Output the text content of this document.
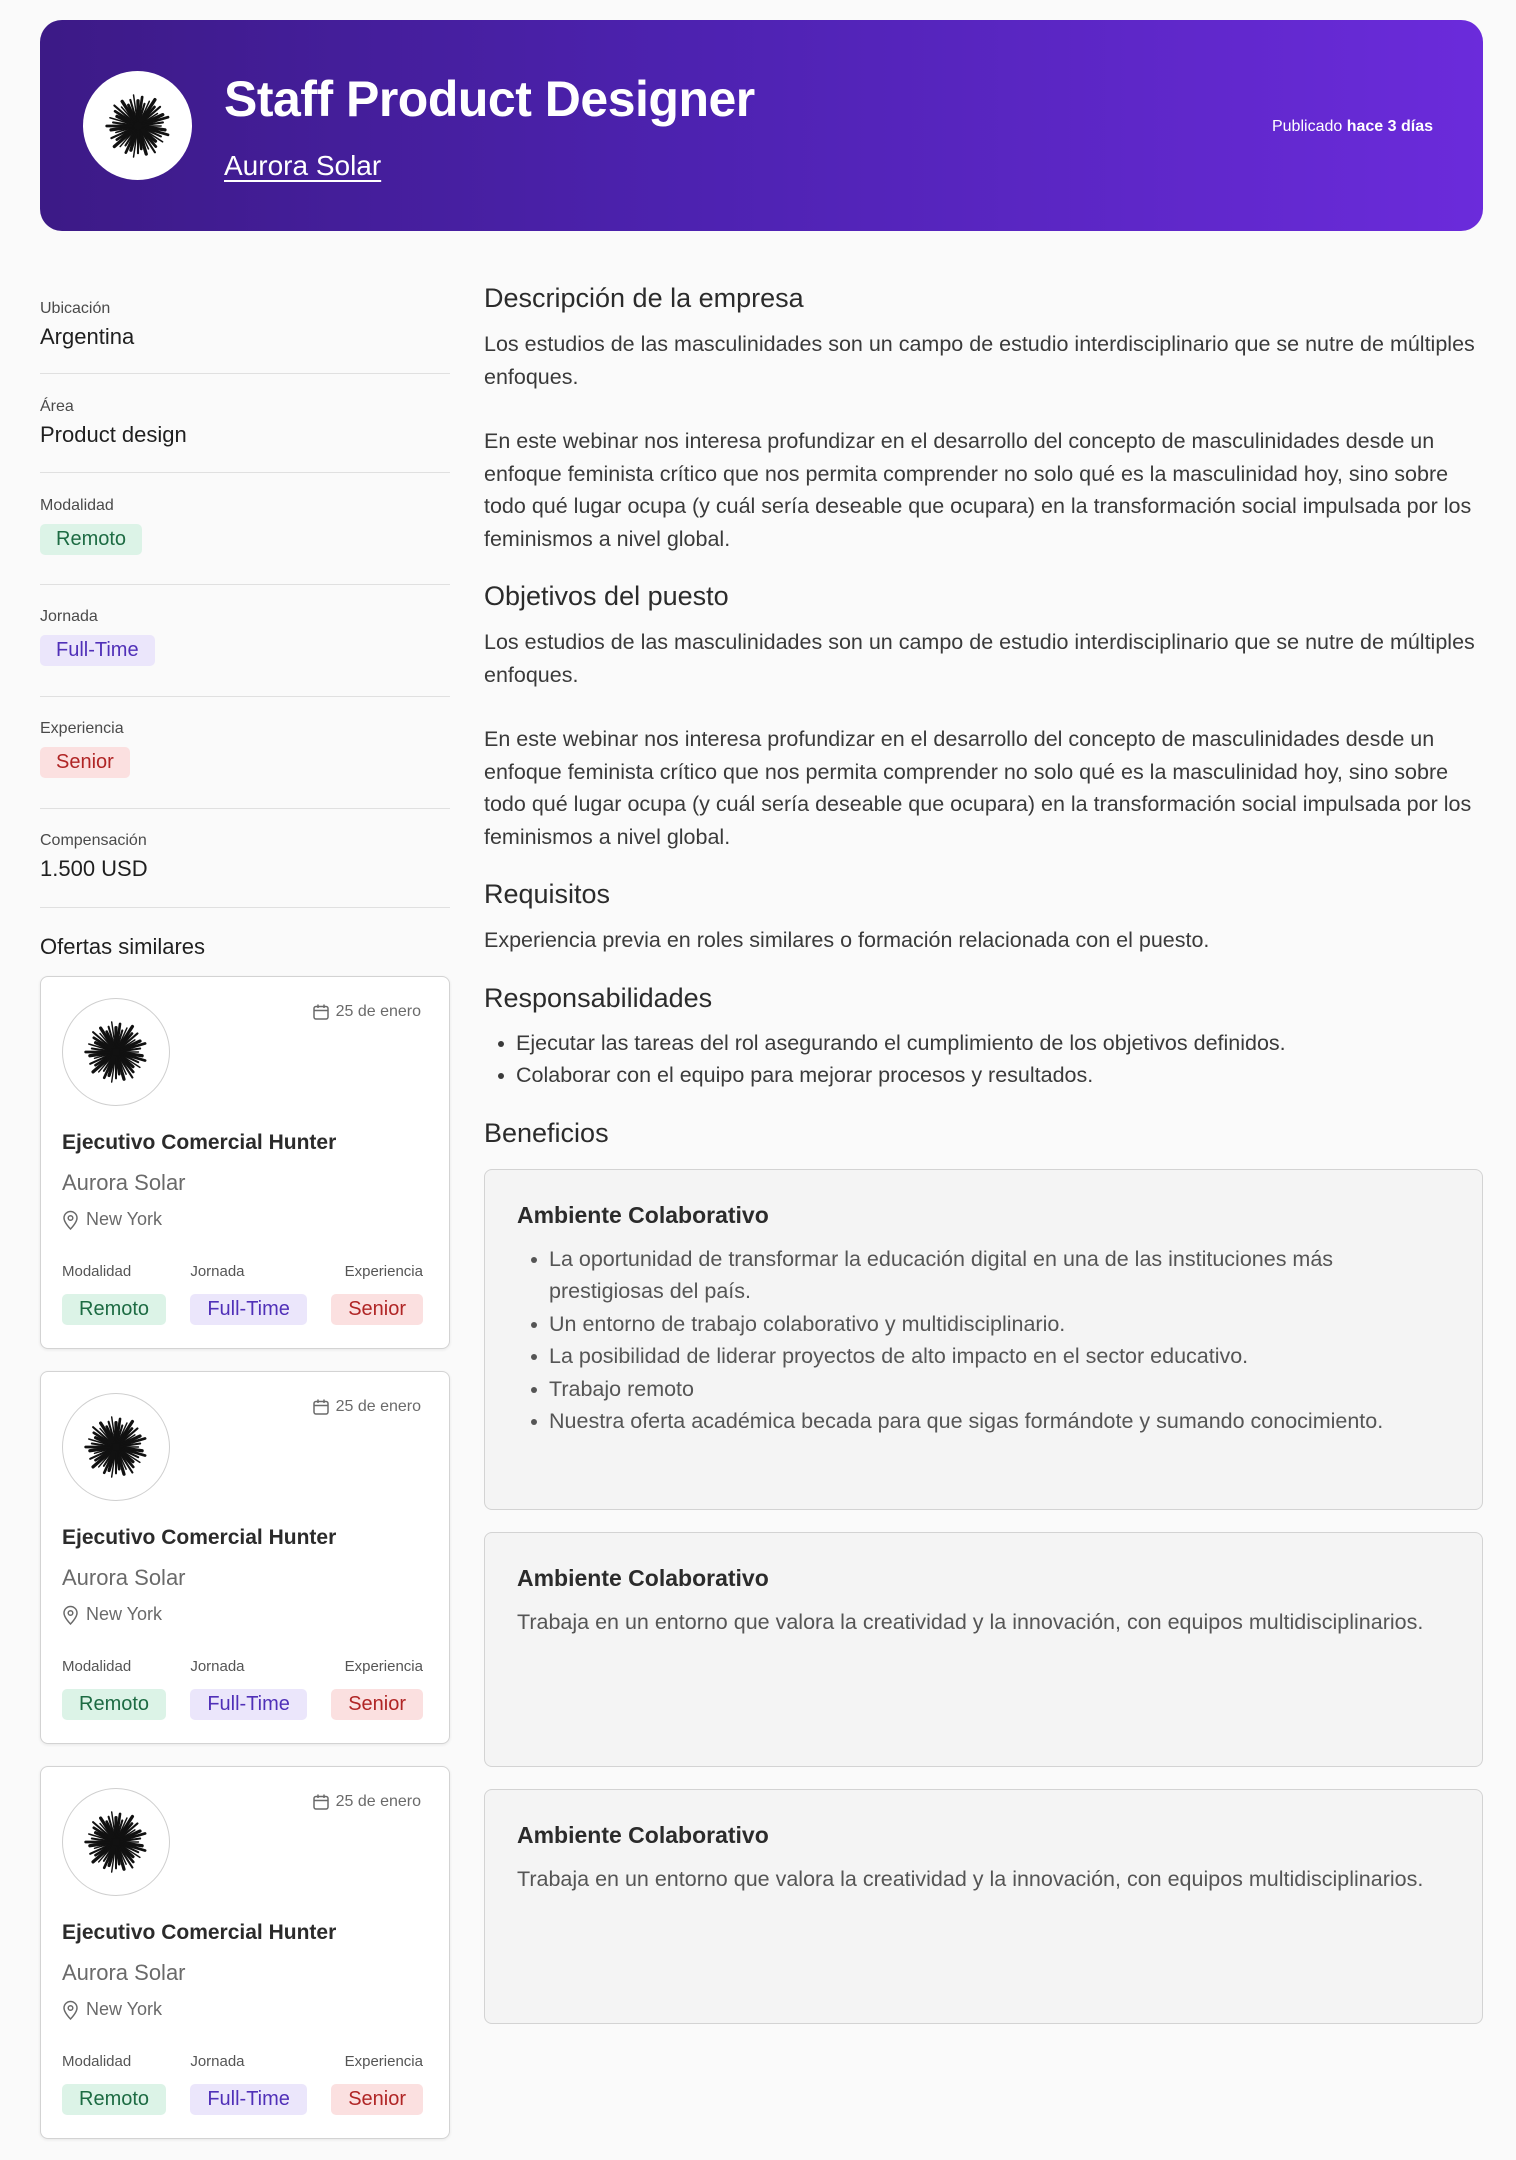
Staff Product Designer
Aurora Solar
Publicado hace 3 días
Ubicación
Argentina
Área
Product design
Modalidad
Remoto
Jornada
Full-Time
Experiencia
Senior
Compensación
1.500 USD
Ofertas similares
25 de enero
Ejecutivo Comercial Hunter
Aurora Solar
New York
Modalidad
Remoto
Jornada
Full-Time
Experiencia
Senior
25 de enero
Ejecutivo Comercial Hunter
Aurora Solar
New York
Modalidad
Remoto
Jornada
Full-Time
Experiencia
Senior
25 de enero
Ejecutivo Comercial Hunter
Aurora Solar
New York
Modalidad
Remoto
Jornada
Full-Time
Experiencia
Senior
Descripción de la empresa

Los estudios de las masculinidades son un campo de estudio interdisciplinario que se nutre de múltiples enfoques.

En este webinar nos interesa profundizar en el desarrollo del concepto de masculinidades desde un enfoque feminista crítico que nos permita comprender no solo qué es la masculinidad hoy, sino sobre todo qué lugar ocupa (y cuál sería deseable que ocupara) en la transformación social impulsada por los feminismos a nivel global.

Objetivos del puesto

Los estudios de las masculinidades son un campo de estudio interdisciplinario que se nutre de múltiples enfoques.

En este webinar nos interesa profundizar en el desarrollo del concepto de masculinidades desde un enfoque feminista crítico que nos permita comprender no solo qué es la masculinidad hoy, sino sobre todo qué lugar ocupa (y cuál sería deseable que ocupara) en la transformación social impulsada por los feminismos a nivel global.

Requisitos

Experiencia previa en roles similares o formación relacionada con el puesto.

Responsabilidades
Ejecutar las tareas del rol asegurando el cumplimiento de los objetivos definidos.
Colaborar con el equipo para mejorar procesos y resultados.
Beneficios
Ambiente Colaborativo
La oportunidad de transformar la educación digital en una de las instituciones más prestigiosas del país.
Un entorno de trabajo colaborativo y multidisciplinario.
La posibilidad de liderar proyectos de alto impacto en el sector educativo.
Trabajo remoto
Nuestra oferta académica becada para que sigas formándote y sumando conocimiento.
Ambiente Colaborativo

Trabaja en un entorno que valora la creatividad y la innovación, con equipos multidisciplinarios.

Ambiente Colaborativo

Trabaja en un entorno que valora la creatividad y la innovación, con equipos multidisciplinarios.
